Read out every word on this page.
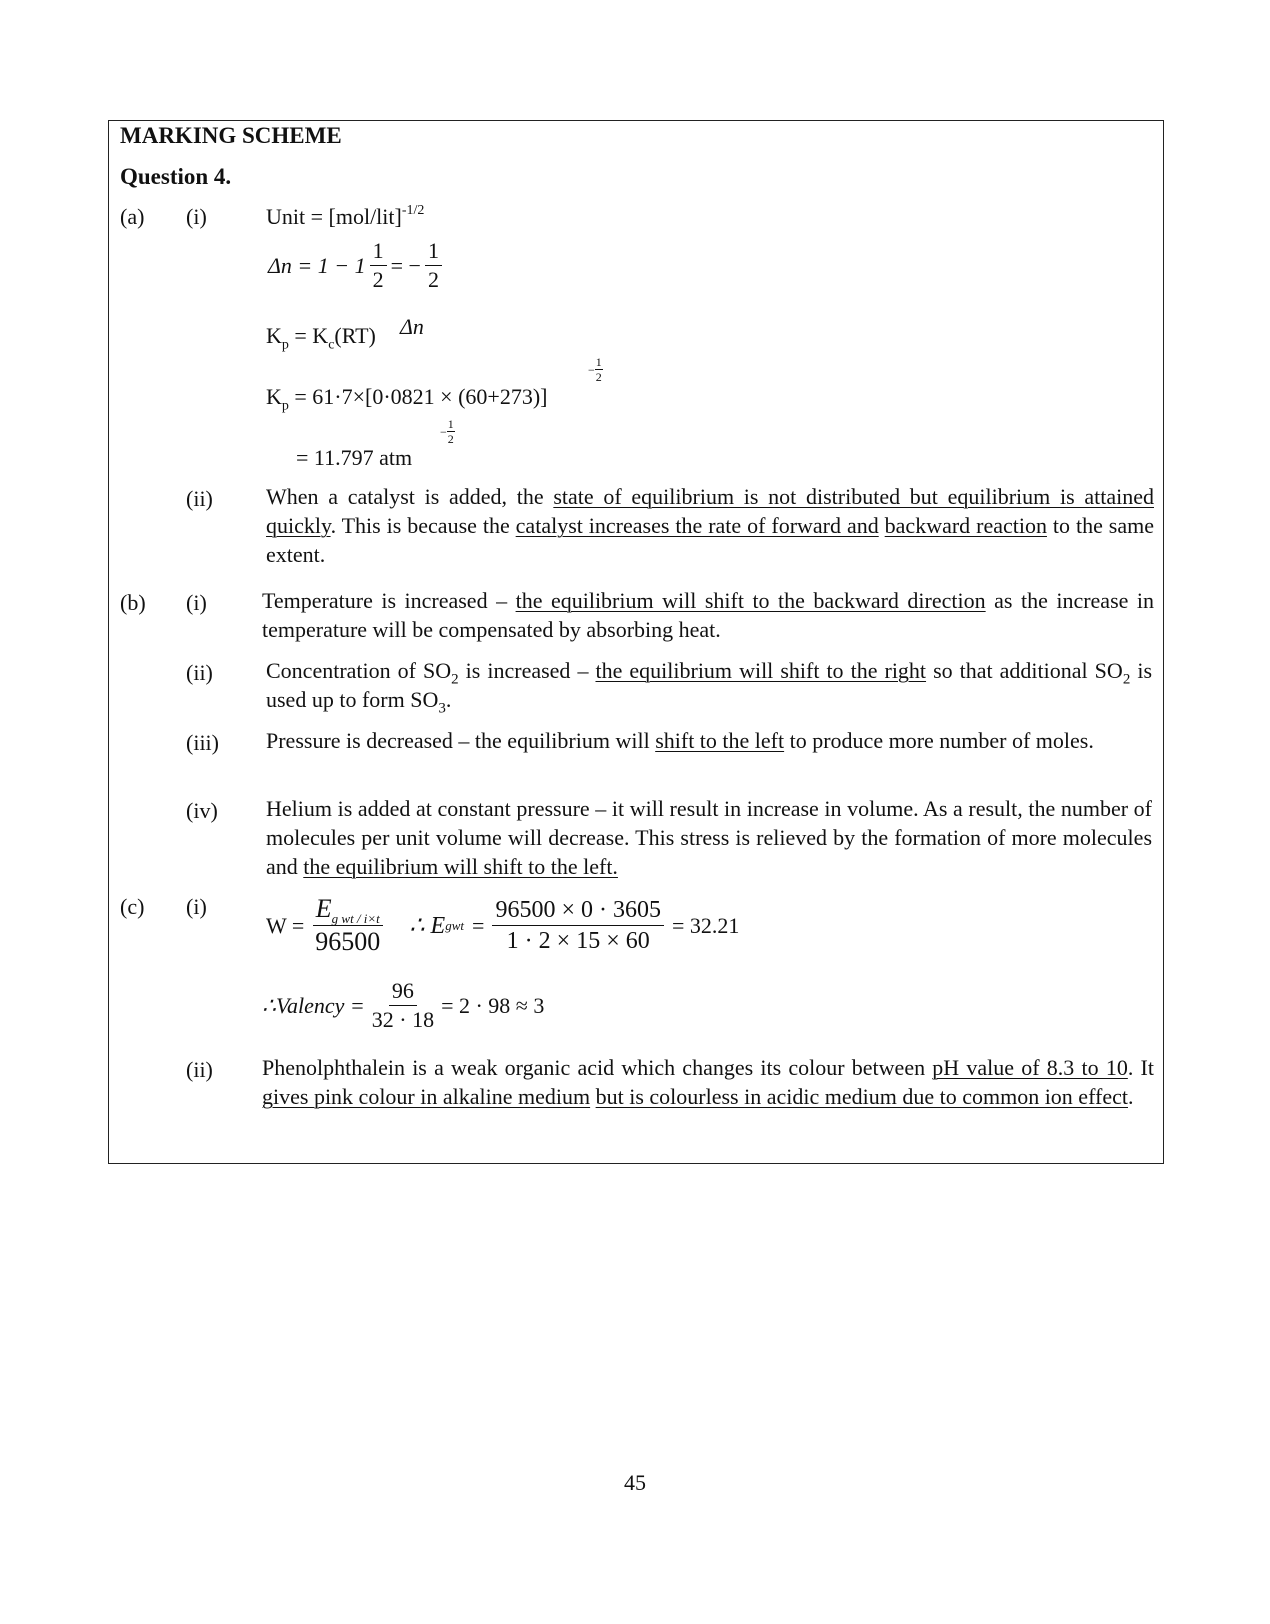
MARKING SCHEME
Question 4.
(a) (i)	Unit = $[mol/lit]^{-1/2}$
$\Delta n = 1 - 1 \frac{1}{2}$ = − $\frac{1}{2}$
$K_p = K_c(RT)$ Δn
$K_p = 61\cdot 7\times[0\cdot 0821 \times (60+273)]$
− $\frac{1}{2}$
= 11.797 atm
− $\frac{1}{2}$
(ii) When a catalyst is added, the state of equilibrium is not distributed but equilibrium is attained quickly. This is because the catalyst increases the rate of forward and backward reaction to the same extent.
(b) (i)	Temperature is increased – the equilibrium will shift to the backward direction as the increase in temperature will be compensated by absorbing heat.
(ii) Concentration of $SO_2$ is increased – the equilibrium will shift to the right so that additional $SO_2$ is used up to form $SO_3$.
(iii) Pressure is decreased – the equilibrium will shift to the left to produce more number of moles.
(iv) Helium is added at constant pressure – it will result in increase in volume. As a result, the number of molecules per unit volume will decrease. This stress is relieved by the formation of more molecules and the equilibrium will shift to the left.
(c) (i)
$W = \frac{E_{g wt / i\times t}}{96500}$ ∴ E gwt = $\frac{96500 \times 0 \cdot 3605}{1 \cdot 2 \times 15 \times 60} = 32.21$
∴Valency = $\frac{96}{32 \cdot 18} = 2 \cdot 98 \approx 3$
(ii) Phenolphthalein is a weak organic acid which changes its colour between pH value of 8.3 to 10. It gives pink colour in alkaline medium but is colourless in acidic medium due to common ion effect.
45
